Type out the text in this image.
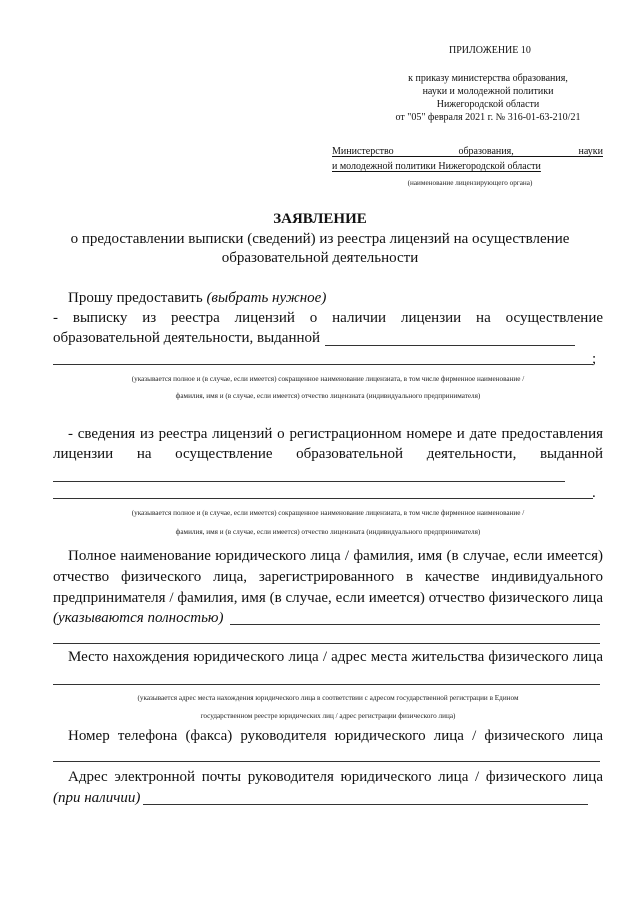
ПРИЛОЖЕНИЕ 10
к приказу министерства образования,
науки и молодежной политики
Нижегородской области
от "05" февраля 2021 г. № 316-01-63-210/21
Министерство образования, науки
и молодежной политики Нижегородской области
(наименование лицензирующего органа)
ЗАЯВЛЕНИЕ
о предоставлении выписки (сведений) из реестра лицензий на осуществление
образовательной деятельности
Прошу предоставить (выбрать нужное)
- выписку из реестра лицензий о наличии лицензии на осуществление
образовательной деятельности, выданной
;
(указывается полное и (в случае, если имеется) сокращенное наименование лицензиата, в том числе фирменное наименование /
фамилия, имя и (в случае, если имеется) отчество лицензиата (индивидуального предпринимателя)
- сведения из реестра лицензий о регистрационном номере и дате предоставления
лицензии на осуществление образовательной деятельности, выданной
.
(указывается полное и (в случае, если имеется) сокращенное наименование лицензиата, в том числе фирменное наименование /
фамилия, имя и (в случае, если имеется) отчество лицензиата (индивидуального предпринимателя)
Полное наименование юридического лица / фамилия, имя (в случае, если имеется)
отчество физического лица, зарегистрированного в качестве индивидуального
предпринимателя / фамилия, имя (в случае, если имеется) отчество физического лица
(указываются полностью)
Место нахождения юридического лица / адрес места жительства физического лица
(указывается адрес места нахождения юридического лица в соответствии с адресом государственной регистрации в Едином
государственном реестре юридических лиц / адрес регистрации физического лица)
Номер телефона (факса) руководителя юридического лица / физического лица
Адрес электронной почты руководителя юридического лица / физического лица
(при наличии)
